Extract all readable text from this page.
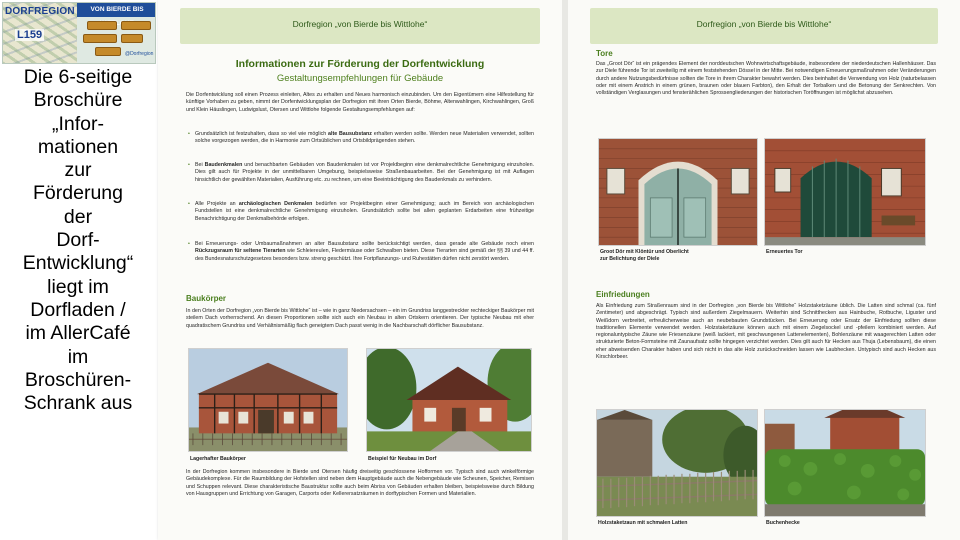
DORFREGION
L159
VON BIERDE BIS
@Dorfregion
Die 6-seitige
Broschüre
„Infor-
mationen
zur
Förderung
der
Dorf-
Entwicklung“
liegt im
Dorfladen /
im AllerCafé
im
Broschüren-
Schrank aus
Dorfregion „von Bierde bis Wittlohe“
Informationen zur Förderung der Dorfentwicklung
Gestaltungsempfehlungen für Gebäude
Die Dorfentwicklung soll einen Prozess einleiten, Altes zu erhalten und Neues harmonisch einzubinden. Um den Eigentümern eine Hilfestellung für künftige Vorhaben zu geben, nimmt der Dorfentwicklungsplan der Dorfregion mit ihren Orten Bierde, Böhme, Altenwahlingen, Kirchwahlingen, Groß und Klein Häuslingen, Ludwigslust, Otersen und Wittlohe folgende Gestaltungsempfehlungen auf:
• Grundsätzlich ist festzuhalten, dass so viel wie möglich alte Bausubstanz erhalten werden sollte. Werden neue Materialien verwendet, sollten solche vorgezogen werden, die in Harmonie zum Ortsüblichen und Ortsbildprägenden stehen.
• Bei Baudenkmalen und benachbarten Gebäuden von Baudenkmalen ist vor Projektbeginn eine denkmalrechtliche Genehmigung einzuholen. Dies gilt auch für Projekte in der unmittelbaren Umgebung, beispielsweise Straßenbauarbeiten. Bei der Genehmigung ist mit Auflagen hinsichtlich der gewählten Materialien, Ausführung etc. zu rechnen, um eine Beeinträchtigung des Baudenkmals zu verhindern.
• Alle Projekte an archäologischen Denkmalen bedürfen vor Projektbeginn einer Genehmigung; auch im Bereich von archäologischen Fundstellen ist eine denkmalrechtliche Genehmigung einzuholen. Grundsätzlich sollte bei allen geplanten Erdarbeiten eine frühzeitige Benachrichtigung der Denkmalbehörde erfolgen.
• Bei Erneuerungs- oder Umbaumaßnahmen an alter Bausubstanz sollte berücksichtigt werden, dass gerade alte Gebäude noch einen Rückzugsraum für seltene Tierarten wie Schleiereulen, Fledermäuse oder Schwalben bieten. Diese Tierarten sind gemäß der §§ 39 und 44 ff. des Bundesnaturschutzgesetzes besonders bzw. streng geschützt. Ihre Fortpflanzungs- und Ruhestätten dürfen nicht zerstört werden.
Baukörper
In den Orten der Dorfregion „von Bierde bis Wittlohe“ ist – wie in ganz Niedersachsen – ein im Grundriss langgestreckter rechteckiger Baukörper mit steilem Dach vorherrschend. An diesen Proportionen sollte sich auch ein Neubau in alten Ortskern orientieren. Der typische Neubau mit eher quadratischem Grundriss und Verhältnismäßig flach geneigtem Dach passt wenig in die Nachbarschaft dörflicher Bausubstanz.
Lagerhafter Baukörper	Beispiel für Neubau im Dorf
In der Dorfregion kommen insbesondere in Bierde und Otersen häufig dreiseitig geschlossene Hofformen vor. Typisch sind auch winkelförmige Gebäudekomplexe. Für die Raumbildung der Hofstellen sind neben dem Hauptgebäude auch die Nebengebäude wie Scheunen, Speicher, Remisen und Schuppen relevant. Diese charakteristische Baustruktur sollte auch beim Abriss von Gebäuden erhalten bleiben, beispielsweise durch Bildung von Hausgruppen und Errichtung von Garagen, Carports oder Kellerersatzräumen in dorftypischen Formen und Materialien.
Dorfregion „von Bierde bis Wittlohe“
Tore
Das „Groot Dör“ ist ein prägendes Element der norddeutschen Wohnwirtschaftsgebäude, insbesondere der niederdeutschen Hallenhäuser. Das zur Diele führende Tor ist zweiteilig mit einem feststehenden Dössel in der Mitte. Bei notwendigen Erneuerungsmaßnahmen oder Veränderungen durch andere Nutzungsbedürfnisse sollten die Tore in ihrem Charakter bewahrt werden. Dies beinhaltet die Verwendung von Holz (naturbelassen oder mit einem Anstrich in einem grünen, braunen oder blauen Farbton), den Erhalt der Torbalken und die Betonung der Senkrechten. Von vollständigen Verglasungen und fensterählichen Sprossengliederungen der historischen Toröffnungen ist möglichst abzusehen.
Groot Dör mit Klöntür und Oberlicht
zur Belichtung der Diele
Erneuertes Tor
Einfriedungen
Als Einfriedung zum Straßenraum sind in der Dorfregion „von Bierde bis Wittlohe“ Holzstaketzäune üblich. Die Latten sind schmal (ca. fünf Zentimeter) und abgeschrägt. Typisch sind außerdem Ziegelmauern. Weiterhin sind Schnitthecken aus Hainbuche, Rotbuche, Liguster und Weißdorn verbreitet, erfreulicherweise auch an neubebauten Grundstücken. Bei Erneuerung oder Ersatz der Einfriedung sollten diese traditionellen Elemente verwendet werden. Holzstaketzäune können auch mit einem Ziegelsockel und -pfeilern kombiniert werden. Auf regionaluntypische Zäune wie Friesenzäune (weiß lackiert, mit geschwungenen Lattenelementen), Bohlenzäune mit waagerechten Latten oder strukturierte Beton-Formsteine mit Zaunaufsatz sollte hingegen verzichtet werden. Dies gilt auch für Hecken aus Thuja (Lebensbaum), die einen eher abweisenden Charakter haben und sich nicht in das alte Holz zurückschneiden lassen wie Laubhecken. Untypisch sind auch Hecken aus Kirschlorbeer.
Holzstaketzaun mit schmalen Latten	Buchenhecke
